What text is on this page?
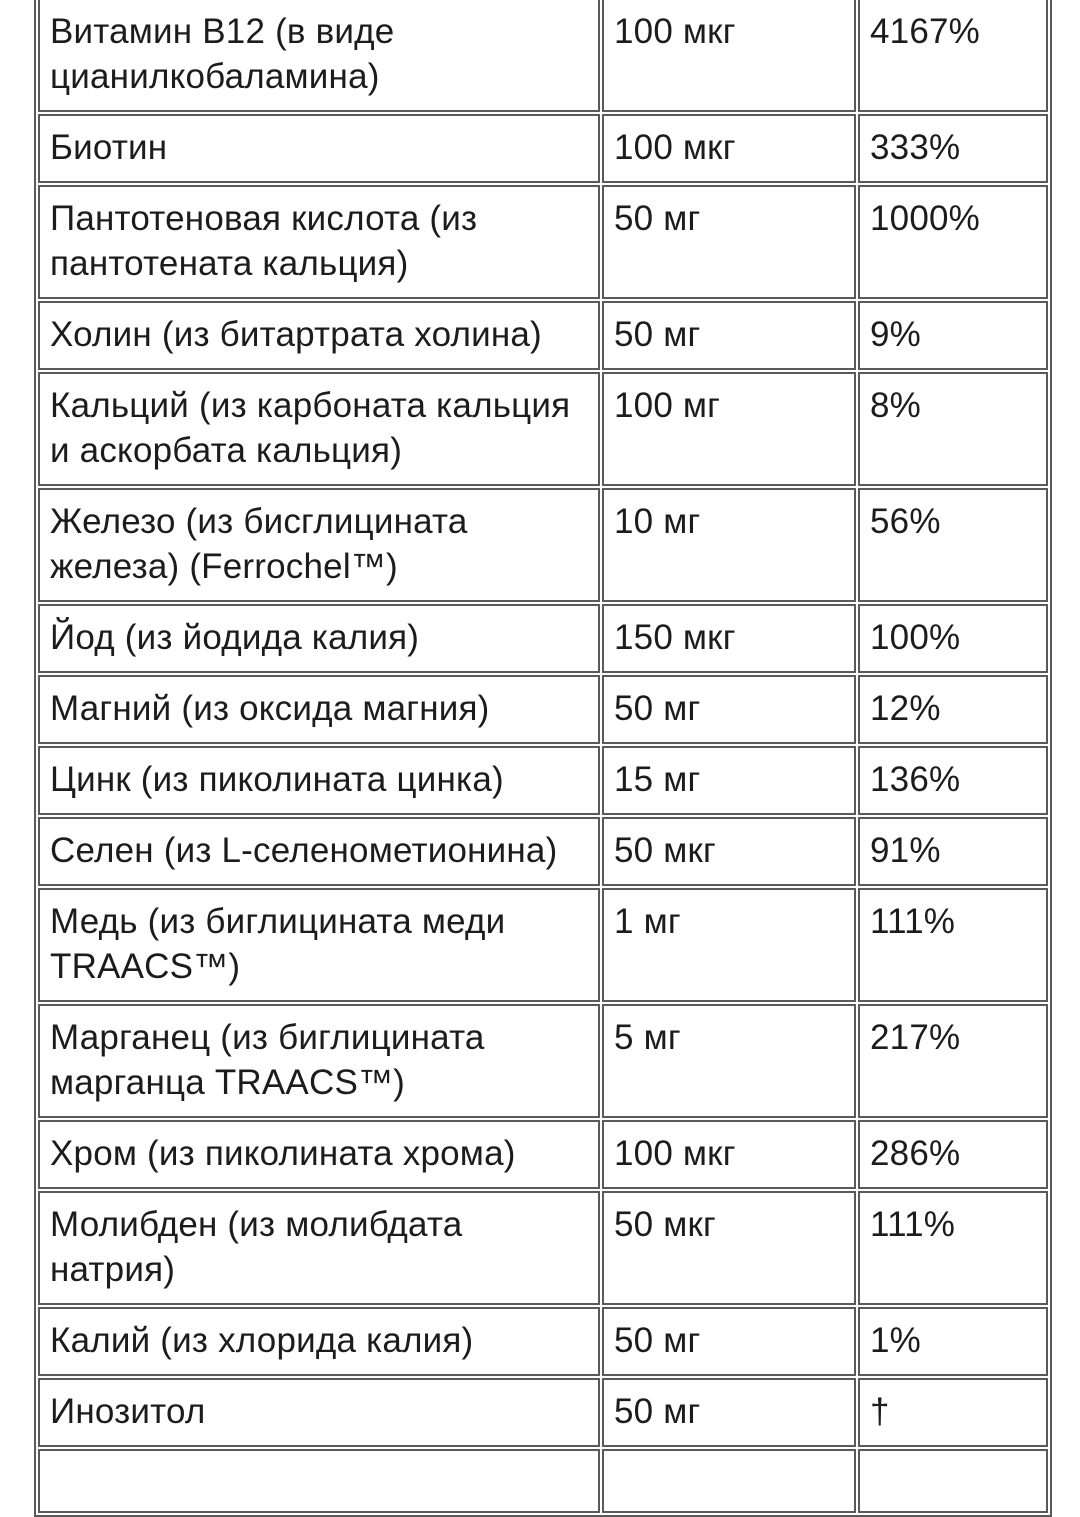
Витамин B12 (в виде цианилкобаламина)	100 мкг	4167%
Биотин	100 мкг	333%
Пантотеновая кислота (из пантотената кальция)	50 мг	1000%
Холин (из битартрата холина)	50 мг	9%
Кальций (из карбоната кальция и аскорбата кальция)	100 мг	8%
Железо (из бисглицината железа) (Ferrochel™)	10 мг	56%
Йод (из йодида калия)	150 мкг	100%
Магний (из оксида магния)	50 мг	12%
Цинк (из пиколината цинка)	15 мг	136%
Селен (из L-селенометионина)	50 мкг	91%
Медь (из биглицината меди TRAACS™)	1 мг	111%
Марганец (из биглицината марганца TRAACS™)	5 мг	217%
Хром (из пиколината хрома)	100 мкг	286%
Молибден (из молибдата натрия)	50 мкг	111%
Калий (из хлорида калия)	50 мг	1%
Инозитол	50 мг	†
